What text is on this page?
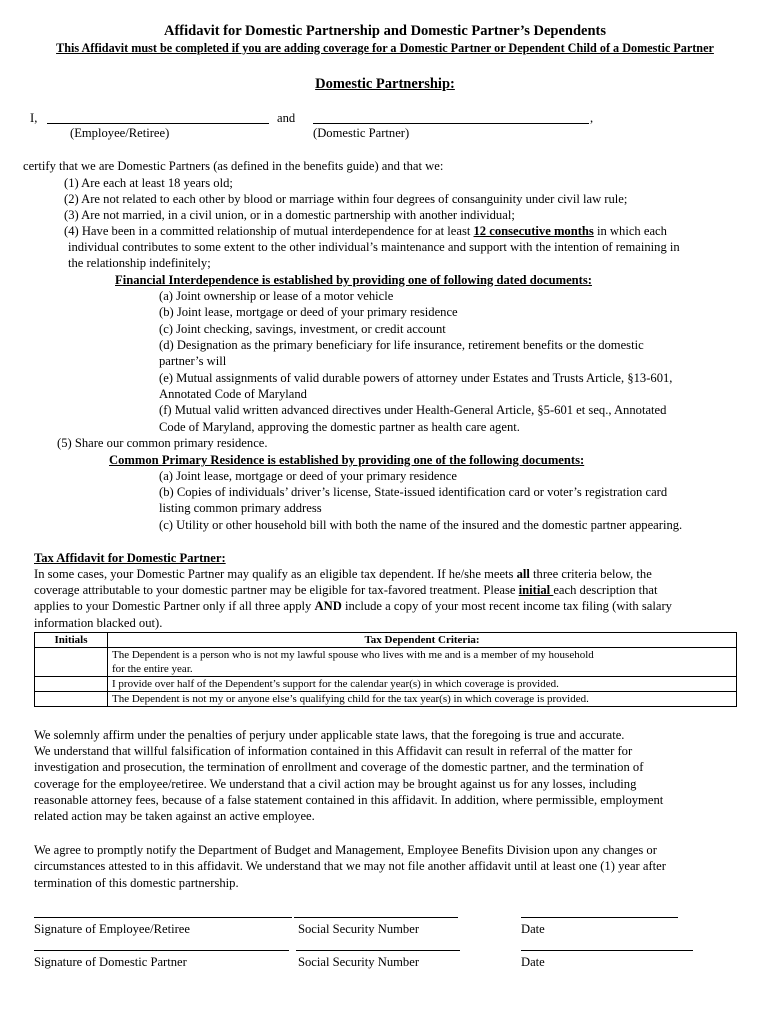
Affidavit for Domestic Partnership and Domestic Partner’s Dependents
This Affidavit must be completed if you are adding coverage for a Domestic Partner or Dependent Child of a Domestic Partner
Domestic Partnership:
I,	and	,
(Employee/Retiree)	(Domestic Partner)
certify that we are Domestic Partners (as defined in the benefits guide) and that we:
(1) Are each at least 18 years old;
(2) Are not related to each other by blood or marriage within four degrees of consanguinity under civil law rule;
(3) Are not married, in a civil union, or in a domestic partnership with another individual;
(4) Have been in a committed relationship of mutual interdependence for at least 12 consecutive months in which each
individual contributes to some extent to the other individual’s maintenance and support with the intention of remaining in
the relationship indefinitely;
Financial Interdependence is established by providing one of following dated documents:
(a) Joint ownership or lease of a motor vehicle
(b) Joint lease, mortgage or deed of your primary residence
(c) Joint checking, savings, investment, or credit account
(d) Designation as the primary beneficiary for life insurance, retirement benefits or the domestic
partner’s will
(e) Mutual assignments of valid durable powers of attorney under Estates and Trusts Article, §13-601,
Annotated Code of Maryland
(f) Mutual valid written advanced directives under Health-General Article, §5-601 et seq., Annotated
Code of Maryland, approving the domestic partner as health care agent.
(5) Share our common primary residence.
Common Primary Residence is established by providing one of the following documents:
(a) Joint lease, mortgage or deed of your primary residence
(b) Copies of individuals’ driver’s license, State-issued identification card or voter’s registration card
listing common primary address
(c) Utility or other household bill with both the name of the insured and the domestic partner appearing.
Tax Affidavit for Domestic Partner:
In some cases, your Domestic Partner may qualify as an eligible tax dependent. If he/she meets all three criteria below, the
coverage attributable to your domestic partner may be eligible for tax-favored treatment. Please initial each description that
applies to your Domestic Partner only if all three apply AND include a copy of your most recent income tax filing (with salary
information blacked out).
Initials	Tax Dependent Criteria:

	The Dependent is a person who is not my lawful spouse who lives with me and is a member of my household
for the entire year.

	I provide over half of the Dependent’s support for the calendar year(s) in which coverage is provided.
	The Dependent is not my or anyone else’s qualifying child for the tax year(s) in which coverage is provided.
We solemnly affirm under the penalties of perjury under applicable state laws, that the foregoing is true and accurate.
We understand that willful falsification of information contained in this Affidavit can result in referral of the matter for
investigation and prosecution, the termination of enrollment and coverage of the domestic partner, and the termination of
coverage for the employee/retiree. We understand that a civil action may be brought against us for any losses, including
reasonable attorney fees, because of a false statement contained in this affidavit. In addition, where permissible, employment
related action may be taken against an active employee.
We agree to promptly notify the Department of Budget and Management, Employee Benefits Division upon any changes or
circumstances attested to in this affidavit. We understand that we may not file another affidavit until at least one (1) year after
termination of this domestic partnership.
Signature of Employee/Retiree	Social Security Number	Date
Signature of Domestic Partner	Social Security Number	Date
